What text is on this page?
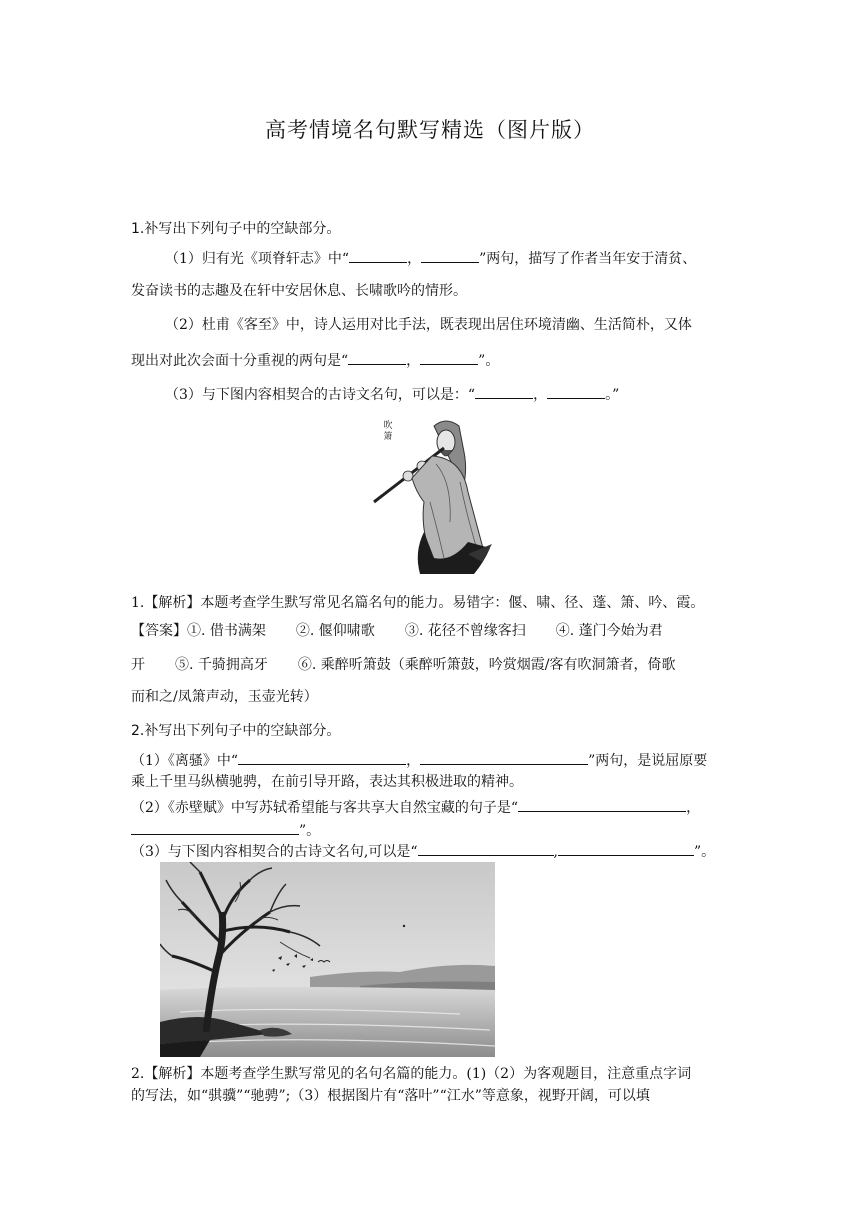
高考情境名句默写精选（图片版）
1.补写出下列句子中的空缺部分。
（1）归有光《项脊轩志》中“	，	”两句，描写了作者当年安于清贫、
发奋读书的志趣及在轩中安居休息、长啸歌吟的情形。
（2）杜甫《客至》中，诗人运用对比手法，既表现出居住环境清幽、生活简朴，又体
现出对此次会面十分重视的两句是“	，	”。
（3）与下图内容相契合的古诗文名句，可以是：“	，	。”
吹箫
1.【解析】本题考查学生默写常见名篇名句的能力。易错字：偃、啸、径、蓬、箫、吟、霞。
【答案】①. 借书满架 ②. 偃仰啸歌 ③. 花径不曾缘客扫 ④. 蓬门今始为君
开 ⑤. 千骑拥高牙 ⑥. 乘醉听箫鼓（乘醉听箫鼓，吟赏烟霞/客有吹洞箫者，倚歌
而和之/凤箫声动，玉壶光转）
2.补写出下列句子中的空缺部分。
（1）《离骚》中“	，	”两句，是说屈原要
乘上千里马纵横驰骋，在前引导开路，表达其积极进取的精神。
（2）《赤壁赋》中写苏轼希望能与客共享大自然宝藏的句子是“	，
”。
（3）与下图内容相契合的古诗文名句,可以是“	,	”。
2.【解析】本题考查学生默写常见的名句名篇的能力。(1)（2）为客观题目，注意重点字词
的写法，如“骐骥”“驰骋”;（3）根据图片有“落叶”“江水”等意象，视野开阔，可以填
